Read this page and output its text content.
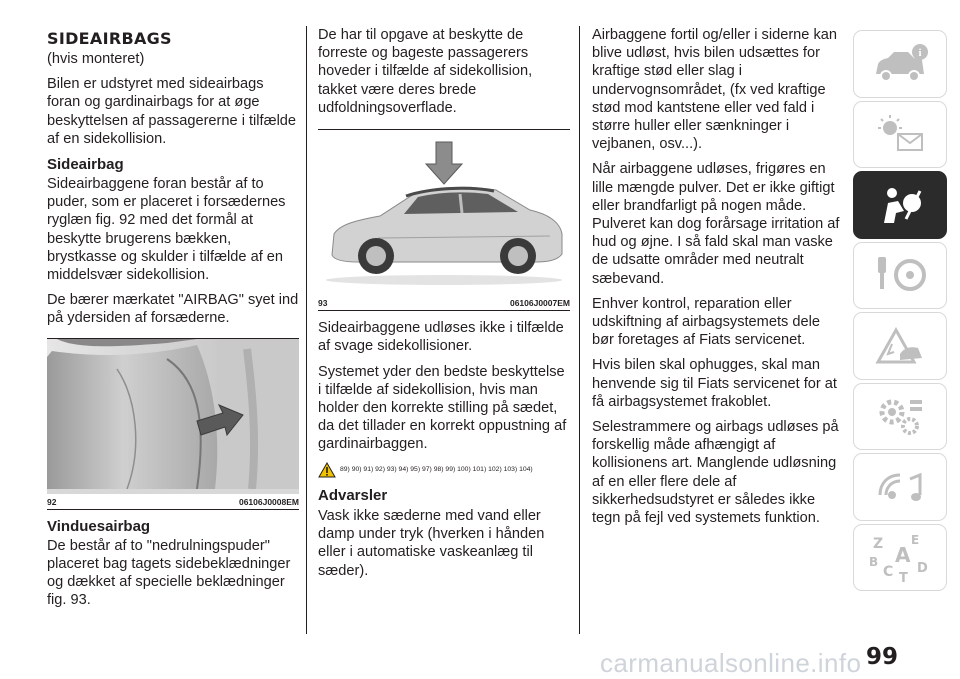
SIDEAIRBAGS

(hvis monteret)

Bilen er udstyret med sideairbags foran og gardinairbags for at øge beskyttelsen af passagererne i tilfælde af en sidekollision.

Sideairbag

Sideairbaggene foran består af to puder, som er placeret i forsædernes ryglæn fig. 92 med det formål at beskytte brugerens bækken, brystkasse og skulder i tilfælde af en middelsvær sidekollision.

De bærer mærkatet "AIRBAG" syet ind på ydersiden af forsæderne.

92	06106J0008EM
Vinduesairbag

De består af to "nedrulningspuder" placeret bag tagets sidebeklædninger og dækket af specielle beklædninger fig. 93.

De har til opgave at beskytte de forreste og bageste passagerers hoveder i tilfælde af sidekollision, takket være deres brede udfoldningsoverflade.

93	06106J0007EM

Sideairbaggene udløses ikke i tilfælde af svage sidekollisioner.

Systemet yder den bedste beskyttelse i tilfælde af sidekollision, hvis man holder den korrekte stilling på sædet, da det tillader en korrekt oppustning af gardinairbaggen.

89) 90) 91) 92) 93) 94) 95) 97) 98) 99) 100) 101) 102) 103) 104)
Advarsler

Vask ikke sæderne med vand eller damp under tryk (hverken i hånden eller i automatiske vaskeanlæg til sæder).

Airbaggene fortil og/eller i siderne kan blive udløst, hvis bilen udsættes for kraftige stød eller slag i undervognsområdet, (fx ved kraftige stød mod kantstene eller ved fald i større huller eller sænkninger i vejbanen, osv...).

Når airbaggene udløses, frigøres en lille mængde pulver. Det er ikke giftigt eller brandfarligt på nogen måde. Pulveret kan dog forårsage irritation af hud og øjne. I så fald skal man vaske de udsatte områder med neutralt sæbevand.

Enhver kontrol, reparation eller udskiftning af airbagsystemets dele bør foretages af Fiats servicenet.

Hvis bilen skal ophugges, skal man henvende sig til Fiats servicenet for at få airbagsystemet frakoblet.

Selestrammere og airbags udløses på forskellig måde afhængigt af kollisionens art. Manglende udløsning af en eller flere dele af sikkerhedsudstyret er således ikke tegn på fejl ved systemets funktion.

i
Z E
B A
C D
T
99
carmanualsonline.info
